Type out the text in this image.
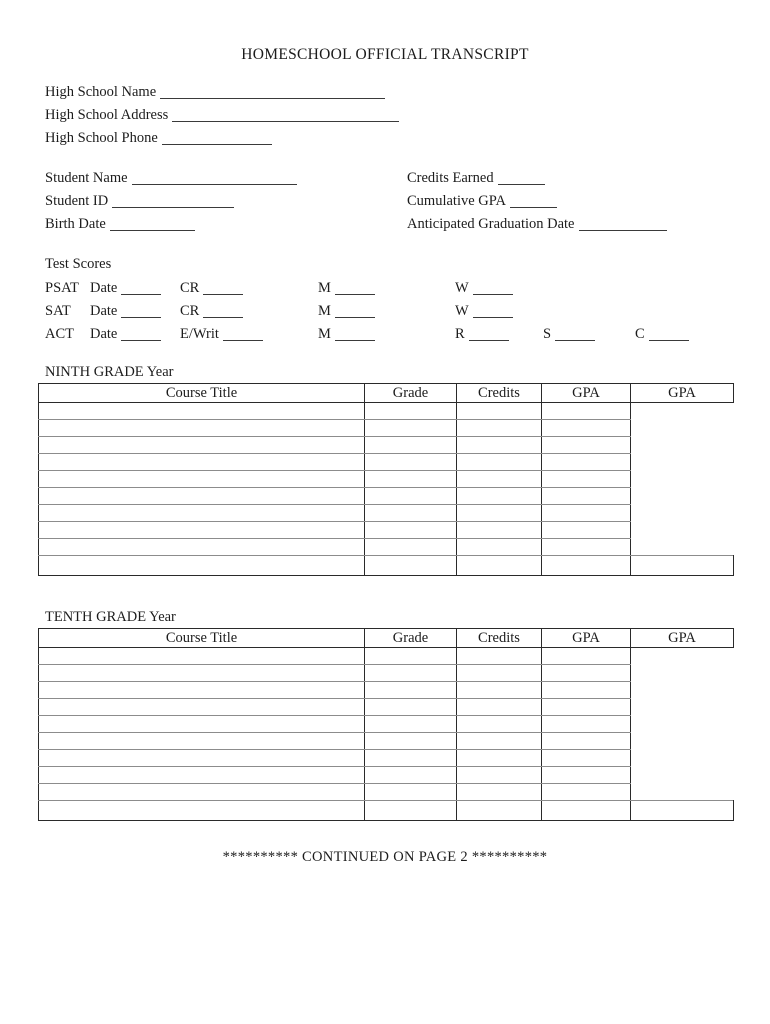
HOMESCHOOL OFFICIAL TRANSCRIPT
High School Name
High School Address
High School Phone
Student Name
Student ID
Birth Date
Credits Earned
Cumulative GPA
Anticipated Graduation Date
Test Scores
PSAT Date	CR	M	W
SAT Date	CR	M	W
ACT Date	E/Writ	M	R	S	C
NINTH GRADE Year
Course Title	Grade	Credits	GPA	GPA

TENTH GRADE Year
Course Title	Grade	Credits	GPA	GPA

********** CONTINUED ON PAGE 2 **********
